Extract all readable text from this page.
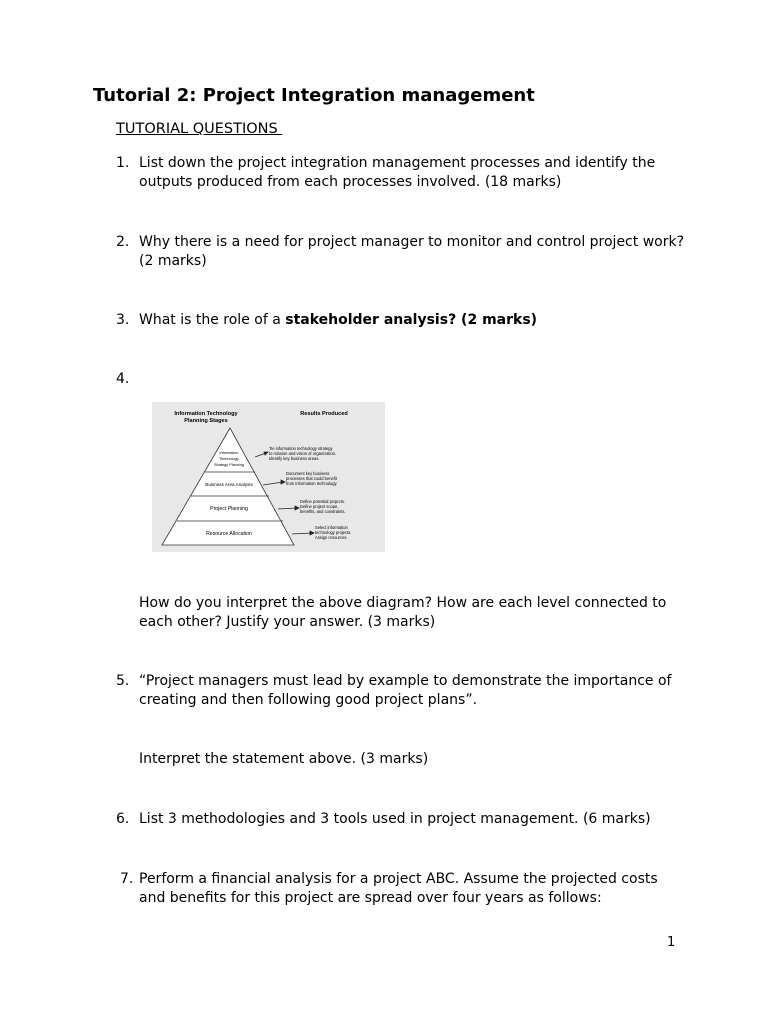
Tutorial 2: Project Integration management
TUTORIAL QUESTIONS
1. List down the project integration management processes and identify the outputs produced from each processes involved. (18 marks)
2. Why there is a need for project manager to monitor and control project work? (2 marks)
3. What is the role of a stakeholder analysis? (2 marks)
4.
Information Technology
Planning Stages
Results Produced
Information
Technology
Strategy Planning
Business Area Analysis
Project Planning
Resource Allocation
Tie information technology strategy
to mission and vision of organization.
Identify key business areas.
Document key business
processes that could benefit
from information technology.
Define potential projects.
Define project scope,
benefits, and constraints.
Select information
technology projects.
Assign resources.
How do you interpret the above diagram? How are each level connected to each other? Justify your answer. (3 marks)
5. “Project managers must lead by example to demonstrate the importance of creating and then following good project plans”.
Interpret the statement above. (3 marks)
6. List 3 methodologies and 3 tools used in project management. (6 marks)
7. Perform a financial analysis for a project ABC. Assume the projected costs and benefits for this project are spread over four years as follows:
1
